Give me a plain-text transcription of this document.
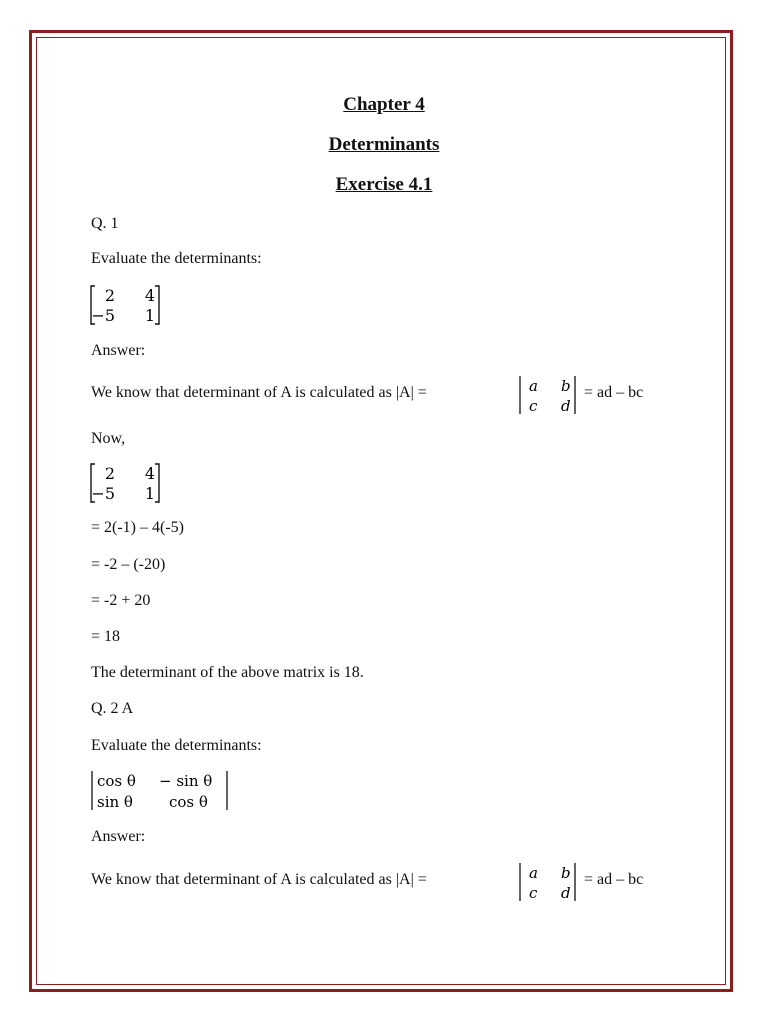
Chapter 4
Determinants
Exercise 4.1
Q. 1
Evaluate the determinants:
2 4
−5 1
Answer:
We know that determinant of A is calculated as |A| =	a b
c d
= ad – bc
Now,
2 4
−5 1
= 2(-1) – 4(-5)
= -2 – (-20)
= -2 + 20
= 18
The determinant of the above matrix is 18.
Q. 2 A
Evaluate the determinants:
cos θ − sin θ
sin θ cos θ
Answer:
We know that determinant of A is calculated as |A| =	a b
c d
= ad – bc
